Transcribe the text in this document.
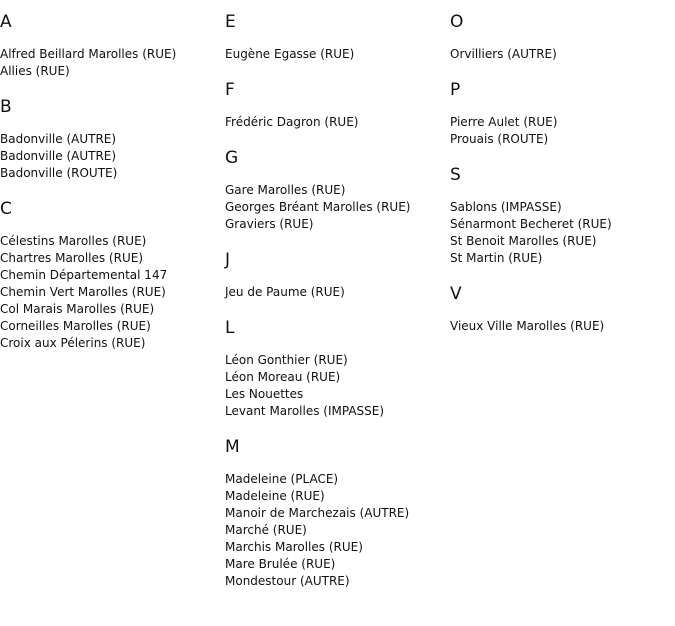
A
Alfred Beillard Marolles (RUE)
Allies (RUE)
B
Badonville (AUTRE)
Badonville (AUTRE)
Badonville (ROUTE)
C
Célestins Marolles (RUE)
Chartres Marolles (RUE)
Chemin Départemental 147
Chemin Vert Marolles (RUE)
Col Marais Marolles (RUE)
Corneilles Marolles (RUE)
Croix aux Pélerins (RUE)
E
Eugène Egasse (RUE)
F
Frédéric Dagron (RUE)
G
Gare Marolles (RUE)
Georges Bréant Marolles (RUE)
Graviers (RUE)
J
Jeu de Paume (RUE)
L
Léon Gonthier (RUE)
Léon Moreau (RUE)
Les Nouettes
Levant Marolles (IMPASSE)
M
Madeleine (PLACE)
Madeleine (RUE)
Manoir de Marchezais (AUTRE)
Marché (RUE)
Marchis Marolles (RUE)
Mare Brulée (RUE)
Mondestour (AUTRE)
O
Orvilliers (AUTRE)
P
Pierre Aulet (RUE)
Prouais (ROUTE)
S
Sablons (IMPASSE)
Sénarmont Becheret (RUE)
St Benoit Marolles (RUE)
St Martin (RUE)
V
Vieux Ville Marolles (RUE)
